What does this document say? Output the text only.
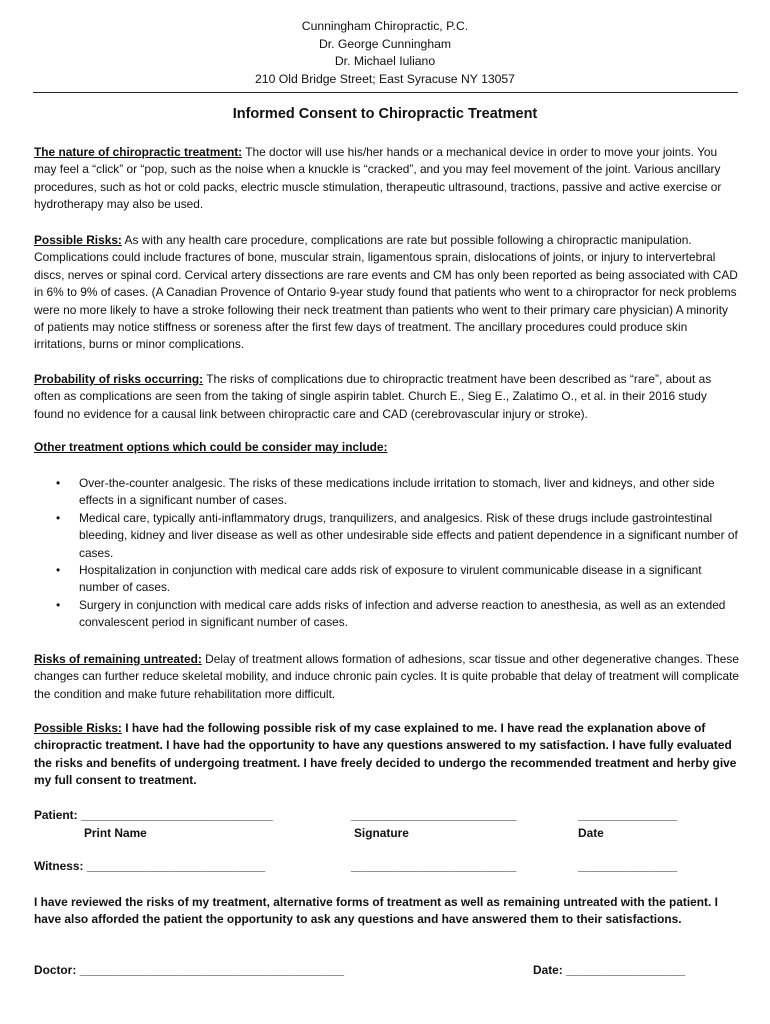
Cunningham Chiropractic, P.C.
Dr. George Cunningham
Dr. Michael Iuliano
210 Old Bridge Street; East Syracuse NY 13057
Informed Consent to Chiropractic Treatment

The nature of chiropractic treatment: The doctor will use his/her hands or a mechanical device in order to move your joints. You may feel a “click” or “pop, such as the noise when a knuckle is “cracked”, and you may feel movement of the joint. Various ancillary procedures, such as hot or cold packs, electric muscle stimulation, therapeutic ultrasound, tractions, passive and active exercise or hydrotherapy may also be used.

Possible Risks: As with any health care procedure, complications are rate but possible following a chiropractic manipulation. Complications could include fractures of bone, muscular strain, ligamentous sprain, dislocations of joints, or injury to intervertebral discs, nerves or spinal cord. Cervical artery dissections are rare events and CM has only been reported as being associated with CAD in 6% to 9% of cases. (A Canadian Provence of Ontario 9-year study found that patients who went to a chiropractor for neck problems were no more likely to have a stroke following their neck treatment than patients who went to their primary care physician) A minority of patients may notice stiffness or soreness after the first few days of treatment. The ancillary procedures could produce skin irritations, burns or minor complications.

Probability of risks occurring: The risks of complications due to chiropractic treatment have been described as “rare”, about as often as complications are seen from the taking of single aspirin tablet. Church E., Sieg E., Zalatimo O., et al. in their 2016 study found no evidence for a causal link between chiropractic care and CAD (cerebrovascular injury or stroke).

Other treatment options which could be consider may include:

• Over-the-counter analgesic. The risks of these medications include irritation to stomach, liver and kidneys, and other side effects in a significant number of cases.
• Medical care, typically anti-inflammatory drugs, tranquilizers, and analgesics. Risk of these drugs include gastrointestinal bleeding, kidney and liver disease as well as other undesirable side effects and patient dependence in a significant number of cases.
• Hospitalization in conjunction with medical care adds risk of exposure to virulent communicable disease in a significant number of cases.
• Surgery in conjunction with medical care adds risks of infection and adverse reaction to anesthesia, as well as an extended convalescent period in significant number of cases.

Risks of remaining untreated: Delay of treatment allows formation of adhesions, scar tissue and other degenerative changes. These changes can further reduce skeletal mobility, and induce chronic pain cycles. It is quite probable that delay of treatment will complicate the condition and make future rehabilitation more difficult.

Possible Risks: I have had the following possible risk of my case explained to me. I have read the explanation above of chiropractic treatment. I have had the opportunity to have any questions answered to my satisfaction. I have fully evaluated the risks and benefits of undergoing treatment. I have freely decided to undergo the recommended treatment and herby give my full consent to treatment.

Patient: _____________________________	_________________________	_______________
Print Name	Signature	Date
Witness: ___________________________	_________________________	_______________

I have reviewed the risks of my treatment, alternative forms of treatment as well as remaining untreated with the patient. I have also afforded the patient the opportunity to ask any questions and have answered them to their satisfactions.

Doctor: ________________________________________	Date: __________________
